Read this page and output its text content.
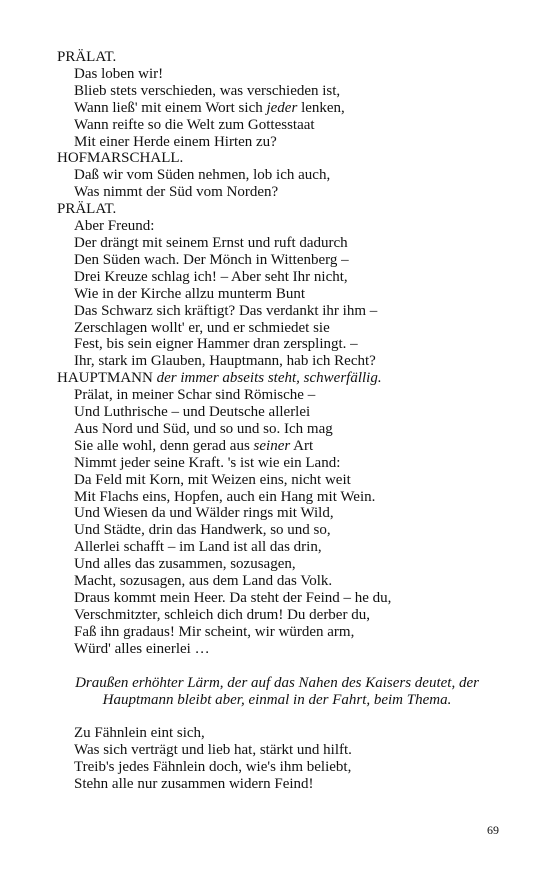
PRÄLAT.
Das loben wir!
Blieb stets verschieden, was verschieden ist,
Wann ließ' mit einem Wort sich jeder lenken,
Wann reifte so die Welt zum Gottesstaat
Mit einer Herde einem Hirten zu?
HOFMARSCHALL.
Daß wir vom Süden nehmen, lob ich auch,
Was nimmt der Süd vom Norden?
PRÄLAT.
Aber Freund:
Der drängt mit seinem Ernst und ruft dadurch
Den Süden wach. Der Mönch in Wittenberg –
Drei Kreuze schlag ich! – Aber seht Ihr nicht,
Wie in der Kirche allzu munterm Bunt
Das Schwarz sich kräftigt? Das verdankt ihr ihm –
Zerschlagen wollt' er, und er schmiedet sie
Fest, bis sein eigner Hammer dran zersplingt. –
Ihr, stark im Glauben, Hauptmann, hab ich Recht?
HAUPTMANN der immer abseits steht, schwerfällig.
Prälat, in meiner Schar sind Römische –
Und Luthrische – und Deutsche allerlei
Aus Nord und Süd, und so und so. Ich mag
Sie alle wohl, denn gerad aus seiner Art
Nimmt jeder seine Kraft. 's ist wie ein Land:
Da Feld mit Korn, mit Weizen eins, nicht weit
Mit Flachs eins, Hopfen, auch ein Hang mit Wein.
Und Wiesen da und Wälder rings mit Wild,
Und Städte, drin das Handwerk, so und so,
Allerlei schafft – im Land ist all das drin,
Und alles das zusammen, sozusagen,
Macht, sozusagen, aus dem Land das Volk.
Draus kommt mein Heer. Da steht der Feind – he du,
Verschmitzter, schleich dich drum! Du derber du,
Faß ihn gradaus! Mir scheint, wir würden arm,
Würd' alles einerlei …
Draußen erhöhter Lärm, der auf das Nahen des Kaisers deutet, der
Hauptmann bleibt aber, einmal in der Fahrt, beim Thema.
Zu Fähnlein eint sich,
Was sich verträgt und lieb hat, stärkt und hilft.
Treib's jedes Fähnlein doch, wie's ihm beliebt,
Stehn alle nur zusammen widern Feind!
69
